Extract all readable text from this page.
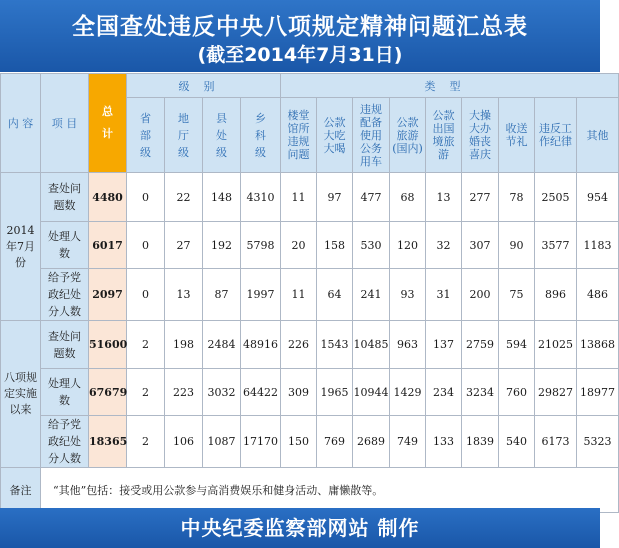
全国查处违反中央八项规定精神问题汇总表
(截至2014年7月31日)
内 容	项 目	总计	级别				类型								

			省部级	地厅级	县处级	乡科级	楼堂馆所违规问题	公款大吃大喝	违规配备使用公务用车	公款旅游(国内)	公款出国境旅游	大操大办婚丧喜庆	收送节礼	违反工作纪律	其他
2014年7月份	查处问题数	4480	0	22	148	4310	11	97	477	68	13	277	78	2505	954
	处理人数	6017	0	27	192	5798	20	158	530	120	32	307	90	3577	1183
	给予党政纪处分人数	2097	0	13	87	1997	11	64	241	93	31	200	75	896	486
八项规定实施以来	查处问题数	51600	2	198	2484	48916	226	1543	10485	963	137	2759	594	21025	13868
	处理人数	67679	2	223	3032	64422	309	1965	10944	1429	234	3234	760	29827	18977
	给予党政纪处分人数	18365	2	106	1087	17170	150	769	2689	749	133	1839	540	6173	5323
备注	“其他”包括：接受或用公款参与高消费娱乐和健身活动、庸懒散等。														
中央纪委监察部网站 制作
